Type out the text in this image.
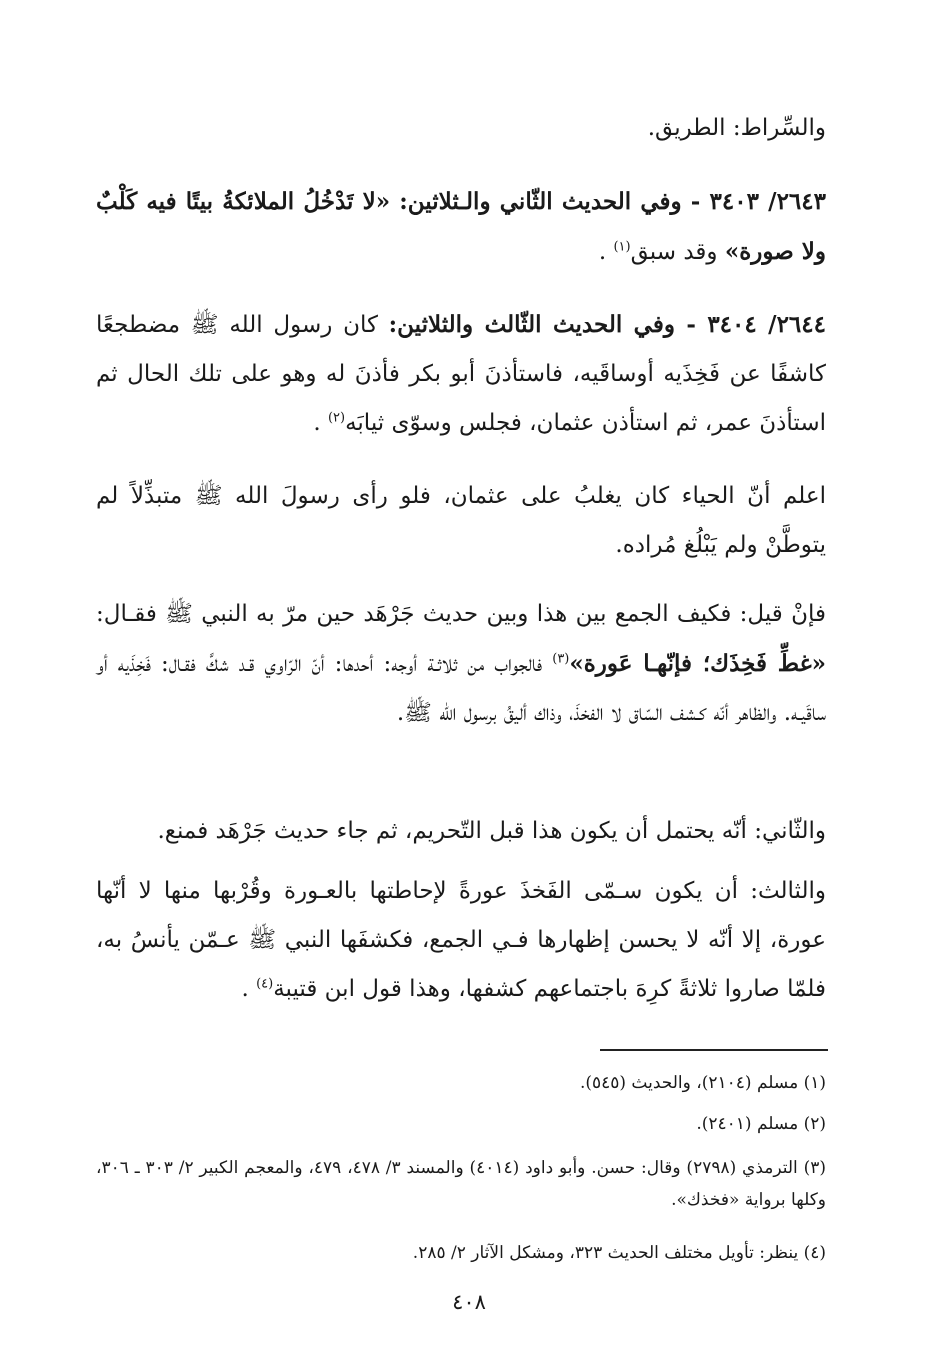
والسِّراط: الطريق.

٢٦٤٣/ ٣٤٠٣ - وفي الحديث الثّاني والـثلاثين: «لا تَدْخُلُ الملائكةُ بيتًا فيه كَلْبٌ ولا صورة» وقد سبق$^{(١)}$ .

٢٦٤٤/ ٣٤٠٤ - وفي الحديث الثّالث والثلاثين: كان رسول الله ﷺ مضطجعًا كاشفًا عن فَخِذَيه أوساقَيه، فاستأذنَ أبو بكر فأذنَ له وهو على تلك الحال ثم استأذنَ عمر، ثم استأذن عثمان، فجلس وسوّى ثيابَه$^{(٢)}$ .

اعلم أنّ الحياء كان يغلبُ على عثمان، فلو رأى رسولَ الله ﷺ متبذِّلاً لم يتوطَّنْ ولم يَبْلُغ مُراده.

فإنْ قيل: فكيف الجمع بين هذا وبين حديث جَرْهَد حين مرّ به النبي ﷺ فقـال: «غطِّ فَخِذَك؛ فإنّهـا عَورة»$^{(٣)}$ فالجواب من ثلاثـة أوجه: أحدها: أنّ الرّاوي قـد شكَّ فقـال: فَخِذَيه أو ساقَيـه. والظاهر أنّه كـشف السّاق لا الفخذَ، وذاك أليقُ برسول الله ﷺ.

والثّاني: أنّه يحتمل أن يكون هذا قبل التّحريم، ثم جاء حديث جَرْهَد فمنع.

والثالث: أن يكون سـمّى الفَخذَ عورةً لإحاطتها بالعـورة وقُرْبها منها لا أنّها عورة، إلا أنّه لا يحسن إظهارها فـي الجمع، فكشفَها النبي ﷺ عـمّن يأنسُ به، فلمّا صاروا ثلاثةً كرِهَ باجتماعهم كشفها، وهذا قول ابن قتيبة$^{(٤)}$ .

(١) مسلم (٢١٠٤)، والحديث (٥٤٥).

(٢) مسلم (٢٤٠١).

(٣) الترمذي (٢٧٩٨) وقال: حسن. وأبو داود (٤٠١٤) والمسند ٣/ ٤٧٨، ٤٧٩، والمعجم الكبير ٢/ ٣٠٣ ـ ٣٠٦، وكلها برواية «فخذك».

(٤) ينظر: تأويل مختلف الحديث ٣٢٣، ومشكل الآثار ٢/ ٢٨٥.

٤٠٨
